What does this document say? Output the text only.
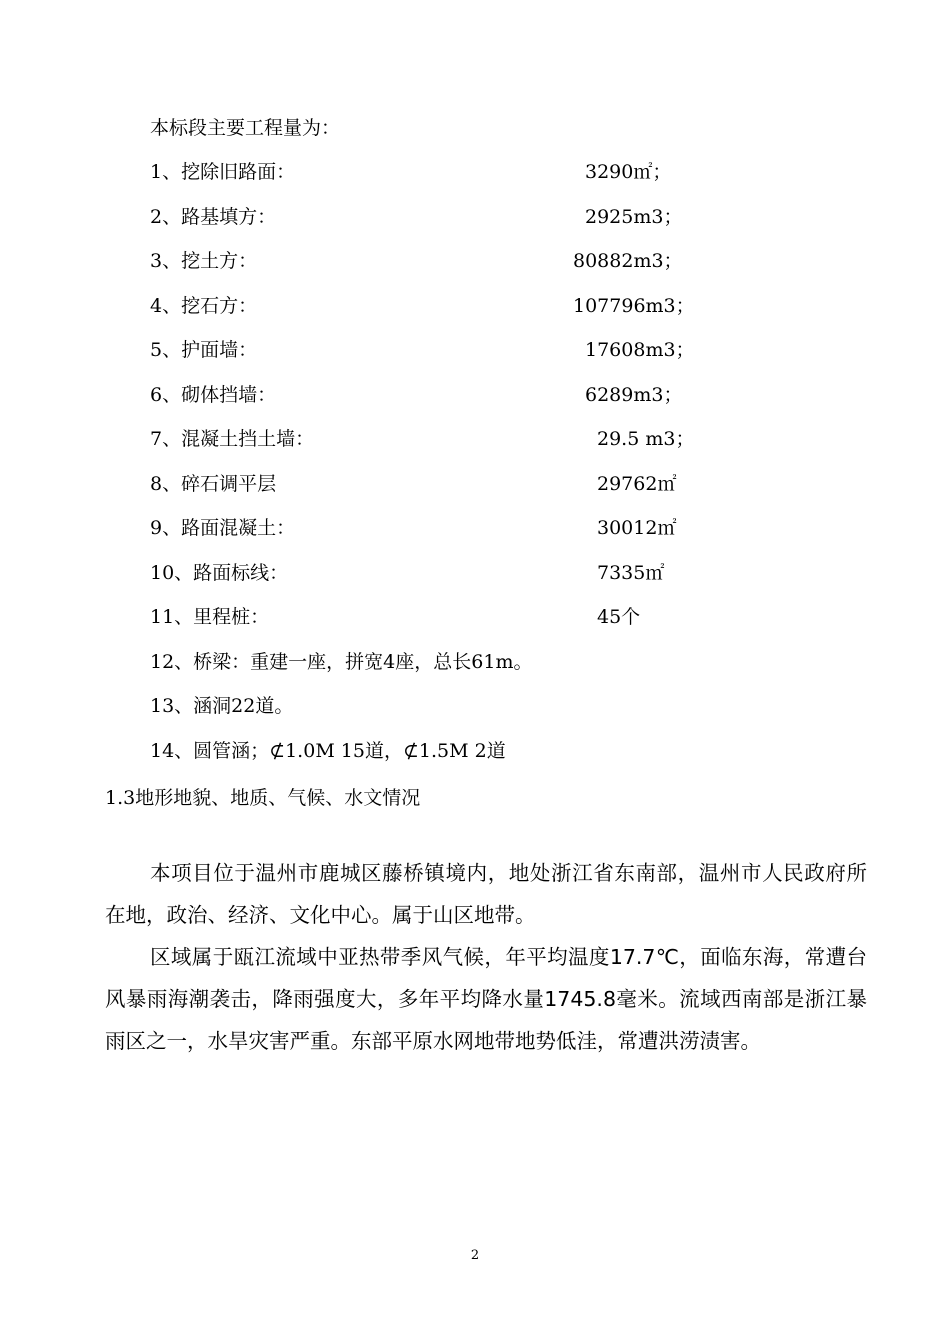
本标段主要工程量为：
1、挖除旧路面：	3290㎡；
2、路基填方：	2925m3；
3、挖土方：	80882m3；
4、挖石方：	107796m3；
5、护面墙：	17608m3；
6、砌体挡墙：	6289m3；
7、混凝土挡土墙：	29.5 m3；
8、碎石调平层	29762㎡
9、路面混凝土：	30012㎡
10、路面标线：	7335㎡
11、里程桩：	45个
12、桥梁：重建一座，拼宽4座，总长61m。
13、涵洞22道。
14、圆管涵；⊄1.0M 15道，⊄1.5M 2道
1.3地形地貌、地质、气候、水文情况

本项目位于温州市鹿城区藤桥镇境内，地处浙江省东南部，温州市人民政府所在地，政治、经济、文化中心。属于山区地带。

区域属于瓯江流域中亚热带季风气候，年平均温度17.7℃，面临东海，常遭台风暴雨海潮袭击，降雨强度大，多年平均降水量1745.8毫米。流域西南部是浙江暴雨区之一，水旱灾害严重。东部平原水网地带地势低洼，常遭洪涝渍害。

2
